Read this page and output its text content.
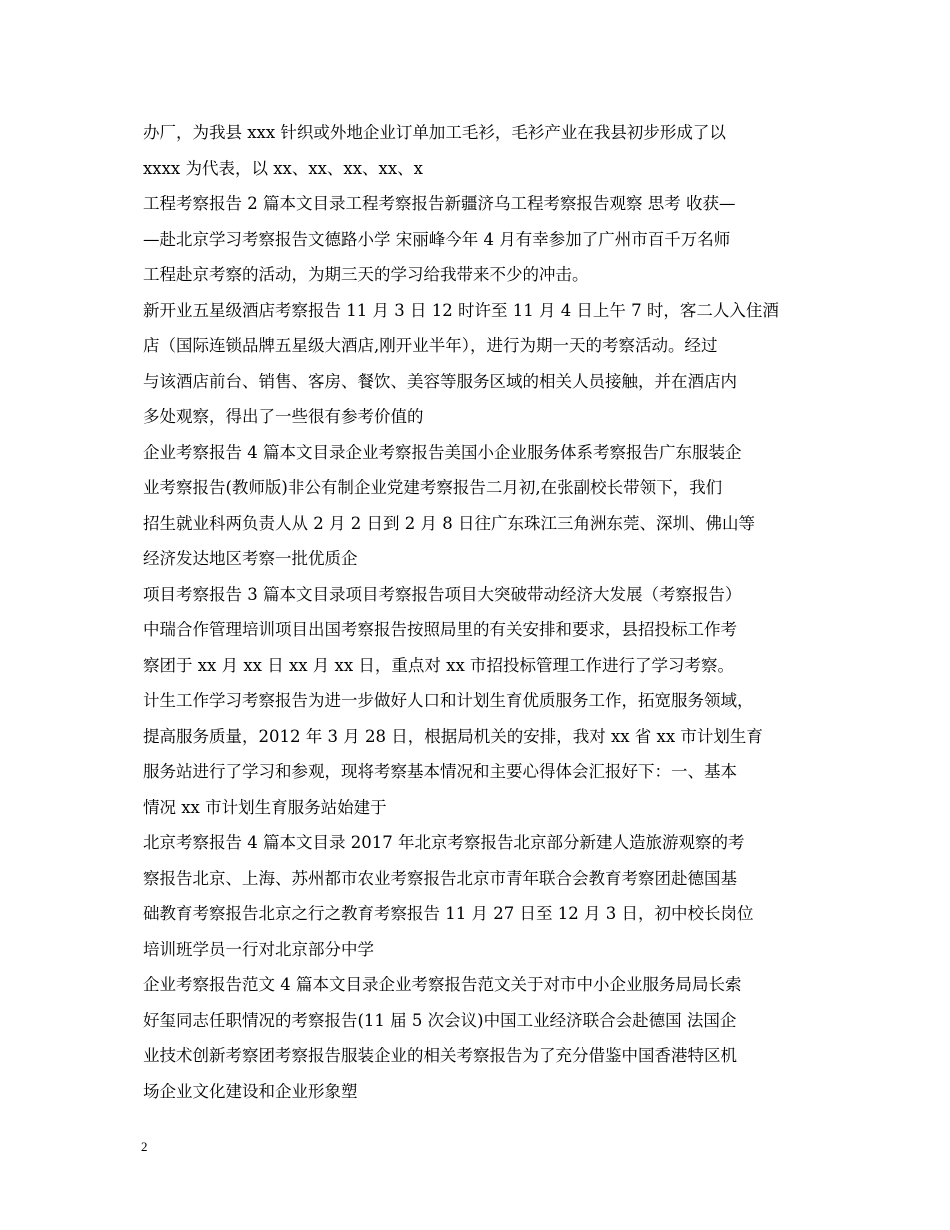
办厂，为我县 xxx 针织或外地企业订单加工毛衫，毛衫产业在我县初步形成了以
xxxx 为代表，以 xx、xx、xx、xx、x
工程考察报告 2 篇本文目录工程考察报告新疆济乌工程考察报告观察 思考 收获—
—赴北京学习考察报告文德路小学 宋丽峰今年 4 月有幸参加了广州市百千万名师
工程赴京考察的活动，为期三天的学习给我带来不少的冲击。
新开业五星级酒店考察报告 11 月 3 日 12 时许至 11 月 4 日上午 7 时，客二人入住酒
店（国际连锁品牌五星级大酒店,刚开业半年），进行为期一天的考察活动。经过
与该酒店前台、销售、客房、餐饮、美容等服务区域的相关人员接触，并在酒店内
多处观察，得出了一些很有参考价值的
企业考察报告 4 篇本文目录企业考察报告美国小企业服务体系考察报告广东服装企
业考察报告(教师版)非公有制企业党建考察报告二月初,在张副校长带领下，我们
招生就业科两负责人从 2 月 2 日到 2 月 8 日往广东珠江三角洲东莞、深圳、佛山等
经济发达地区考察一批优质企
项目考察报告 3 篇本文目录项目考察报告项目大突破带动经济大发展（考察报告）
中瑞合作管理培训项目出国考察报告按照局里的有关安排和要求，县招投标工作考
察团于 xx 月 xx 日 xx 月 xx 日，重点对 xx 市招投标管理工作进行了学习考察。
计生工作学习考察报告为进一步做好人口和计划生育优质服务工作，拓宽服务领域，
提高服务质量，2012 年 3 月 28 日，根据局机关的安排，我对 xx 省 xx 市计划生育
服务站进行了学习和参观，现将考察基本情况和主要心得体会汇报好下：一、基本
情况 xx 市计划生育服务站始建于
北京考察报告 4 篇本文目录 2017 年北京考察报告北京部分新建人造旅游观察的考
察报告北京、上海、苏州都市农业考察报告北京市青年联合会教育考察团赴德国基
础教育考察报告北京之行之教育考察报告 11 月 27 日至 12 月 3 日，初中校长岗位
培训班学员一行对北京部分中学
企业考察报告范文 4 篇本文目录企业考察报告范文关于对市中小企业服务局局长索
好玺同志任职情况的考察报告(11 届 5 次会议)中国工业经济联合会赴德国 法国企
业技术创新考察团考察报告服装企业的相关考察报告为了充分借鉴中国香港特区机
场企业文化建设和企业形象塑
2
